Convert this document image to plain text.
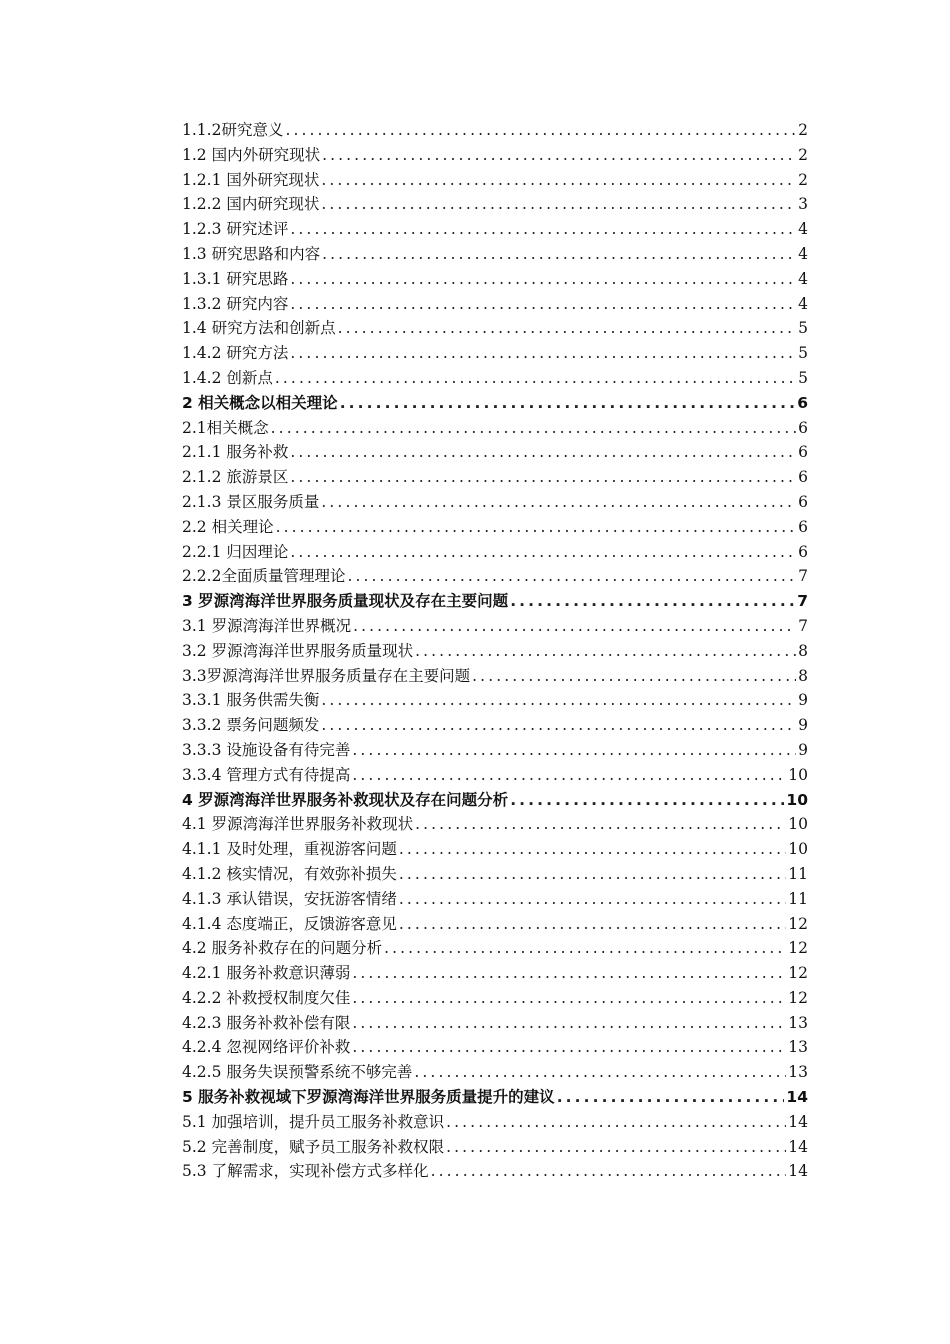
1.1.2研究意义 .....	2
1.2 国内外研究现状 .....	2
1.2.1 国外研究现状 .....	2
1.2.2 国内研究现状 .....	3
1.2.3 研究述评 .....	4
1.3 研究思路和内容 .....	4
1.3.1 研究思路 .....	4
1.3.2 研究内容 .....	4
1.4 研究方法和创新点 .....	5
1.4.2 研究方法 .....	5
1.4.2 创新点 .....	5
2 相关概念以相关理论 .....	6
2.1相关概念 .....	6
2.1.1 服务补救 .....	6
2.1.2 旅游景区 .....	6
2.1.3 景区服务质量 .....	6
2.2 相关理论 .....	6
2.2.1 归因理论 .....	6
2.2.2全面质量管理理论 .....	7
3 罗源湾海洋世界服务质量现状及存在主要问题 .....	7
3.1 罗源湾海洋世界概况 .....	7
3.2 罗源湾海洋世界服务质量现状 .....	8
3.3罗源湾海洋世界服务质量存在主要问题 .....	8
3.3.1 服务供需失衡 .....	9
3.3.2 票务问题频发 .....	9
3.3.3 设施设备有待完善 .....	9
3.3.4 管理方式有待提高 .....	10
4 罗源湾海洋世界服务补救现状及存在问题分析 .....	10
4.1 罗源湾海洋世界服务补救现状 .....	10
4.1.1 及时处理，重视游客问题 .....	10
4.1.2 核实情况，有效弥补损失 .....	11
4.1.3 承认错误，安抚游客情绪 .....	11
4.1.4 态度端正，反馈游客意见 .....	12
4.2 服务补救存在的问题分析 .....	12
4.2.1 服务补救意识薄弱 .....	12
4.2.2 补救授权制度欠佳 .....	12
4.2.3 服务补救补偿有限 .....	13
4.2.4 忽视网络评价补救 .....	13
4.2.5 服务失误预警系统不够完善 .....	13
5 服务补救视域下罗源湾海洋世界服务质量提升的建议 .....	14
5.1 加强培训，提升员工服务补救意识 .....	14
5.2 完善制度，赋予员工服务补救权限 .....	14
5.3 了解需求，实现补偿方式多样化 .....	14
